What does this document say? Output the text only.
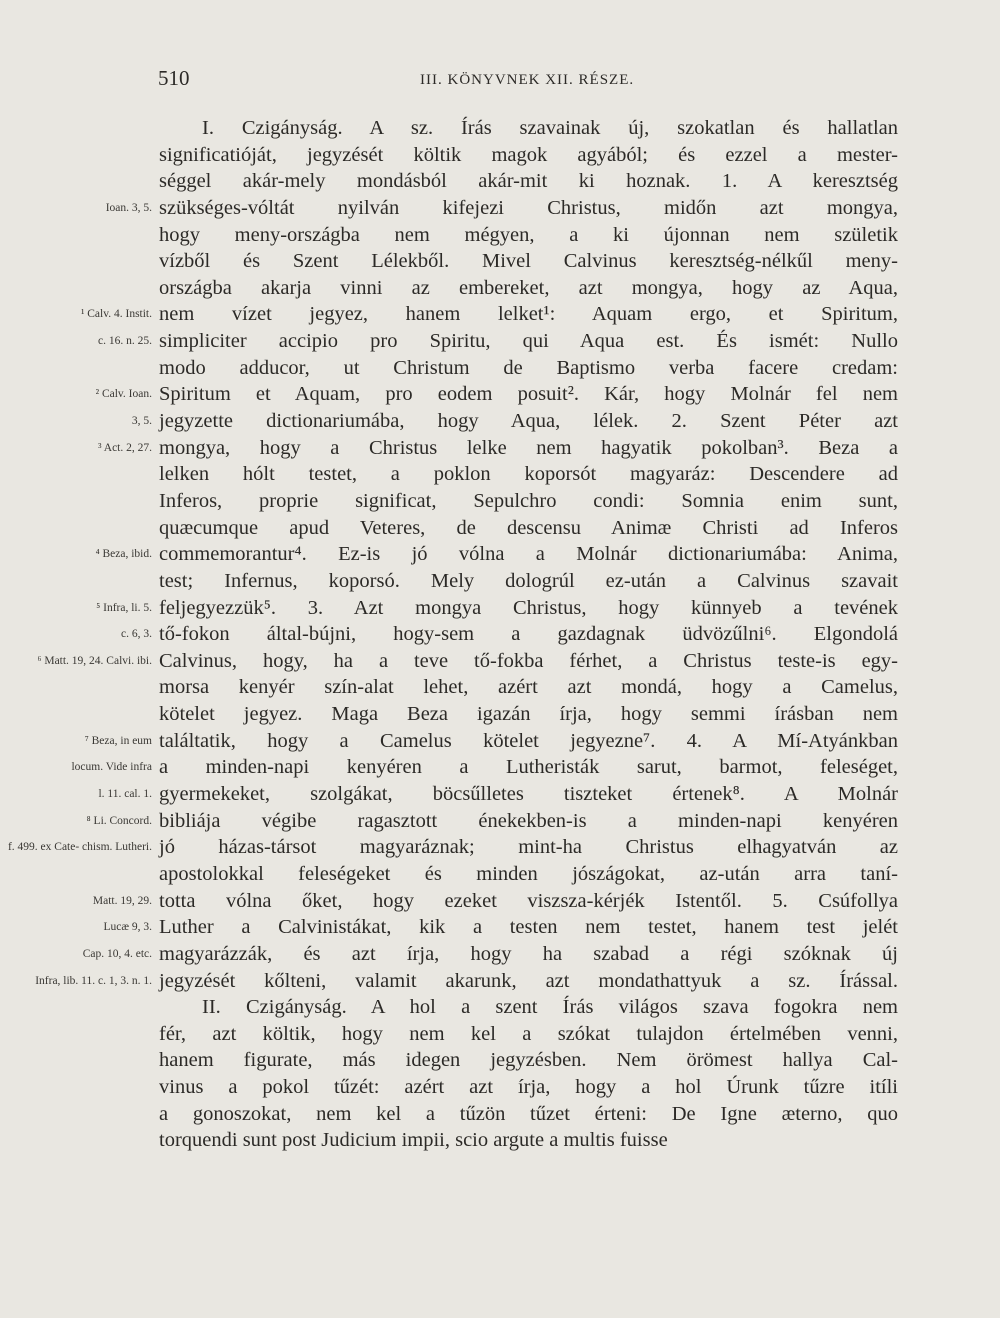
510	III. KÖNYVNEK XII. RÉSZE.
I. Czigányság. A sz. Írás szavainak új, szokatlan és hallatlan
significatióját, jegyzését költik magok agyából; és ezzel a mester-
séggel akár-mely mondásból akár-mit ki hoznak. 1. A keresztség
szükséges-vóltát nyilván kifejezi Christus, midőn azt mongya,
Ioan. 3, 5.
hogy meny-országba nem mégyen, a ki újonnan nem születik
vízből és Szent Lélekből. Mivel Calvinus keresztség-nélkűl meny-
országba akarja vinni az embereket, azt mongya, hogy az Aqua,
nem vízet jegyez, hanem lelket¹: Aquam ergo, et Spiritum,
¹ Calv. 4. Instit.
simpliciter accipio pro Spiritu, qui Aqua est. És ismét: Nullo
c. 16. n. 25.
modo adducor, ut Christum de Baptismo verba facere credam:
Spiritum et Aquam, pro eodem posuit². Kár, hogy Molnár fel nem
² Calv. Ioan.
jegyzette dictionariumába, hogy Aqua, lélek. 2. Szent Péter azt
3, 5.
mongya, hogy a Christus lelke nem hagyatik pokolban³. Beza a
³ Act. 2, 27.
lelken hólt testet, a poklon koporsót magyaráz: Descendere ad
Inferos, proprie significat, Sepulchro condi: Somnia enim sunt,
quæcumque apud Veteres, de descensu Animæ Christi ad Inferos
commemorantur⁴. Ez-is jó vólna a Molnár dictionariumába: Anima,
⁴ Beza, ibid.
test; Infernus, koporsó. Mely dologrúl ez-után a Calvinus szavait
feljegyezzük⁵. 3. Azt mongya Christus, hogy künnyeb a tevének
⁵ Infra, li. 5.
tő-fokon által-bújni, hogy-sem a gazdagnak üdvözűlni⁶. Elgondolá
c. 6, 3.
Calvinus, hogy, ha a teve tő-fokba férhet, a Christus teste-is egy-
⁶ Matt. 19, 24. Calvi. ibi.
morsa kenyér szín-alat lehet, azért azt mondá, hogy a Camelus,
kötelet jegyez. Maga Beza igazán írja, hogy semmi írásban nem
találtatik, hogy a Camelus kötelet jegyezne⁷. 4. A Mí-Atyánkban
⁷ Beza, in eum
a minden-napi kenyéren a Lutheristák sarut, barmot, feleséget,
locum. Vide infra
gyermekeket, szolgákat, böcsűlletes tiszteket értenek⁸. A Molnár
l. 11. cal. 1.
bibliája végibe ragasztott énekekben-is a minden-napi kenyéren
⁸ Li. Concord.
jó házas-társot magyaráznak; mint-ha Christus elhagyatván az
f. 499. ex Cate- chism. Lutheri.
apostolokkal feleségeket és minden jószágokat, az-után arra taní-
totta vólna őket, hogy ezeket viszsza-kérjék Istentől. 5. Csúfollya
Matt. 19, 29.
Luther a Calvinistákat, kik a testen nem testet, hanem test jelét
Lucæ 9, 3.
magyarázzák, és azt írja, hogy ha szabad a régi szóknak új
Cap. 10, 4. etc.
jegyzését kőlteni, valamit akarunk, azt mondathattyuk a sz. Írással.
Infra, lib. 11. c. 1, 3. n. 1.
II. Czigányság. A hol a szent Írás világos szava fogokra nem
fér, azt költik, hogy nem kel a szókat tulajdon értelmében venni,
hanem figurate, más idegen jegyzésben. Nem örömest hallya Cal-
vinus a pokol tűzét: azért azt írja, hogy a hol Úrunk tűzre itíli
a gonoszokat, nem kel a tűzön tűzet érteni: De Igne æterno, quo
torquendi sunt post Judicium impii, scio argute a multis fuisse
